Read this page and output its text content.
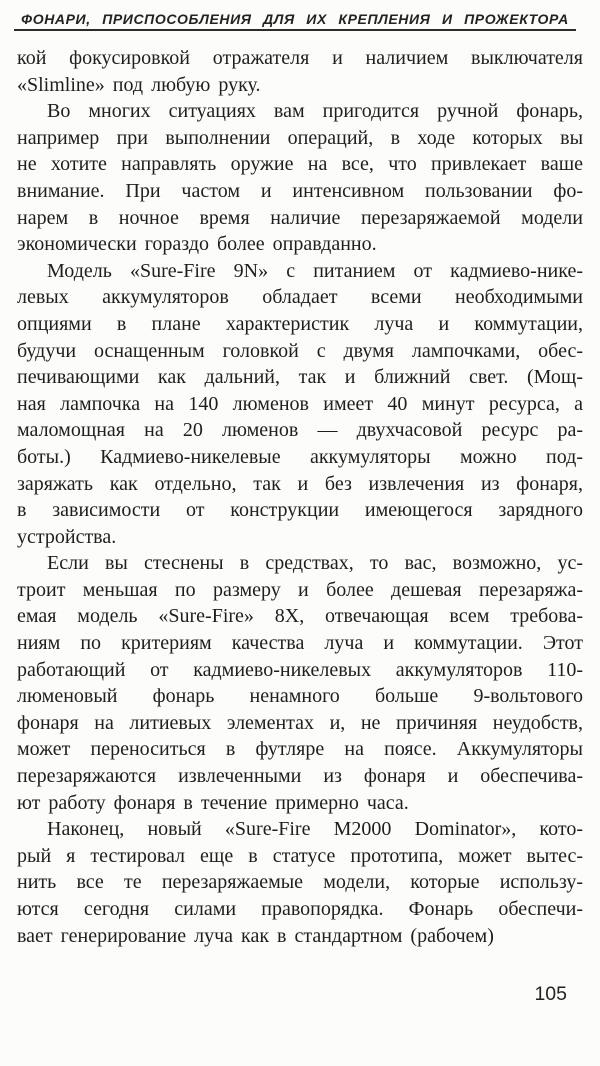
ФОНАРИ, ПРИСПОСОБЛЕНИЯ ДЛЯ ИХ КРЕПЛЕНИЯ И ПРОЖЕКТОРА

кой фокусировкой отражателя и наличием выключателя
«Slimline» под любую руку.

Во многих ситуациях вам пригодится ручной фонарь,
например при выполнении операций, в ходе которых вы
не хотите направлять оружие на все, что привлекает ваше
внимание. При частом и интенсивном пользовании фо-
нарем в ночное время наличие перезаряжаемой модели
экономически гораздо более оправданно.

Модель «Sure-Fire 9N» с питанием от кадмиево-нике-
левых аккумуляторов обладает всеми необходимыми
опциями в плане характеристик луча и коммутации,
будучи оснащенным головкой с двумя лампочками, обес-
печивающими как дальний, так и ближний свет. (Мощ-
ная лампочка на 140 люменов имеет 40 минут ресурса, а
маломощная на 20 люменов — двухчасовой ресурс ра-
боты.) Кадмиево-никелевые аккумуляторы можно под-
заряжать как отдельно, так и без извлечения из фонаря,
в зависимости от конструкции имеющегося зарядного
устройства.

Если вы стеснены в средствах, то вас, возможно, ус-
троит меньшая по размеру и более дешевая перезаряжа-
емая модель «Sure-Fire» 8X, отвечающая всем требова-
ниям по критериям качества луча и коммутации. Этот
работающий от кадмиево-никелевых аккумуляторов 110-
люменовый фонарь ненамного больше 9-вольтового
фонаря на литиевых элементах и, не причиняя неудобств,
может переноситься в футляре на поясе. Аккумуляторы
перезаряжаются извлеченными из фонаря и обеспечива-
ют работу фонаря в течение примерно часа.

Наконец, новый «Sure-Fire M2000 Dominator», кото-
рый я тестировал еще в статусе прототипа, может вытес-
нить все те перезаряжаемые модели, которые использу-
ются сегодня силами правопорядка. Фонарь обеспечи-
вает генерирование луча как в стандартном (рабочем)

105
